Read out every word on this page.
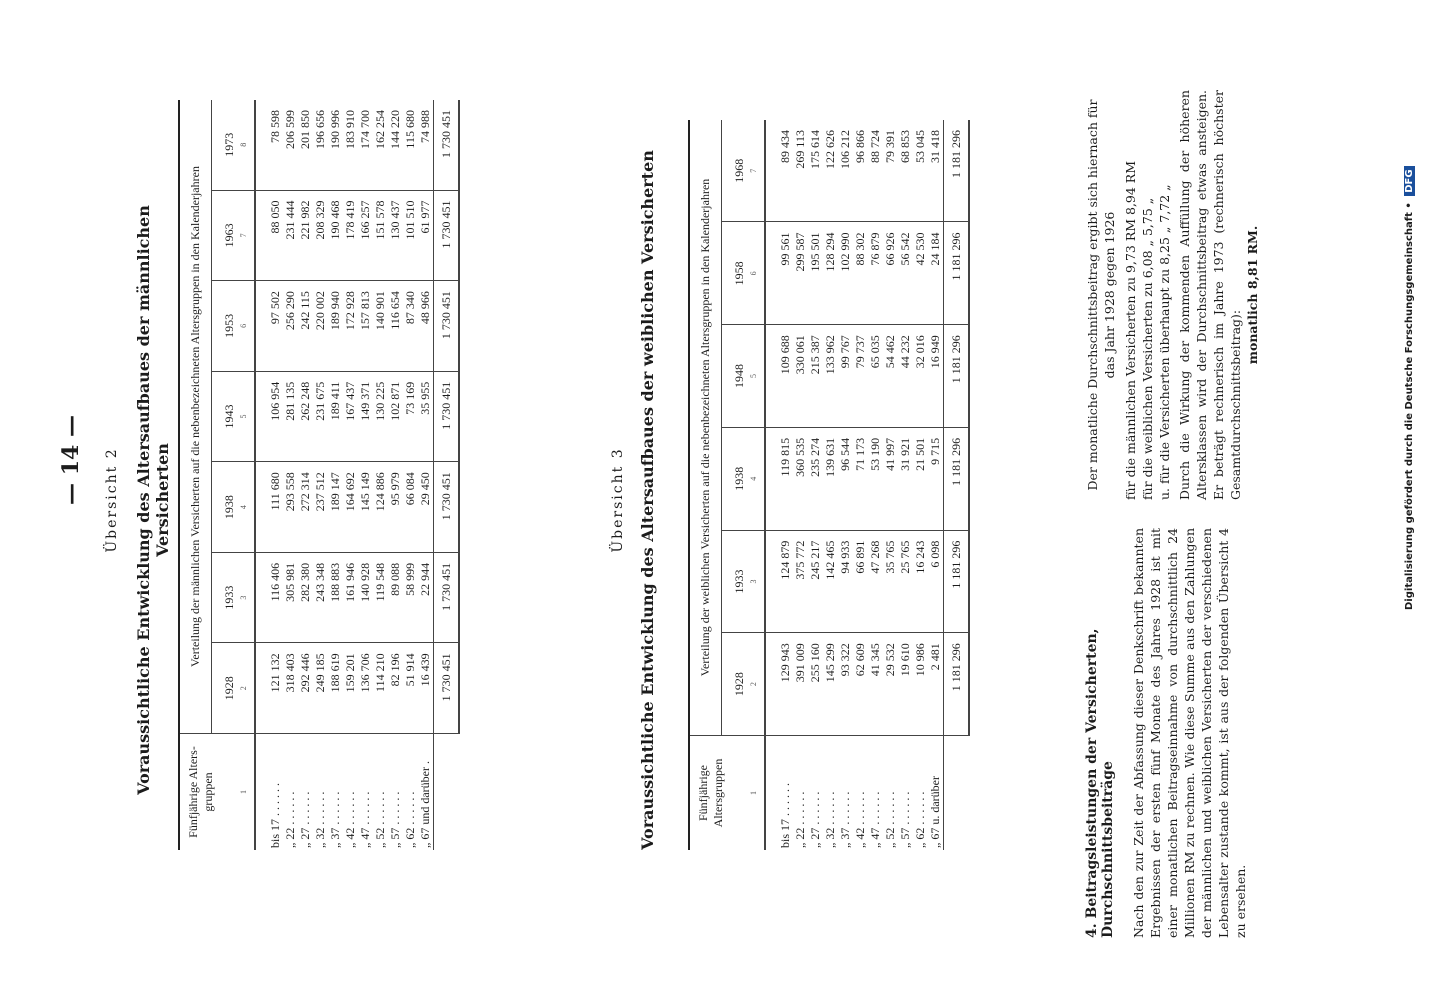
— 14 — Übersicht 2 Voraussichtliche Entwicklung des Altersaufbaues der männlichen Versicherten
Fünfjährige Alters-gruppen	Verteilung der männlichen Versicherten auf die nebenbezeichneten Altersgruppen in den Kalenderjahren						
	1928	1933	1938	1943	1953	1963	1973
1	2	3	4	5	6	7	8
bis 17 . . . . . .	121 132	116 406	111 680	106 954	97 502	88 050	78 598
„ 22 . . . . . .	318 403	305 981	293 558	281 135	256 290	231 444	206 599
„ 27 . . . . . .	292 446	282 380	272 314	262 248	242 115	221 982	201 850
„ 32 . . . . . .	249 185	243 348	237 512	231 675	220 002	208 329	196 656
„ 37 . . . . . .	188 619	188 883	189 147	189 411	189 940	190 468	190 996
„ 42 . . . . . .	159 201	161 946	164 692	167 437	172 928	178 419	183 910
„ 47 . . . . . .	136 706	140 928	145 149	149 371	157 813	166 257	174 700
„ 52 . . . . . .	114 210	119 548	124 886	130 225	140 901	151 578	162 254
„ 57 . . . . . .	82 196	89 088	95 979	102 871	116 654	130 437	144 220
„ 62 . . . . . .	51 914	58 999	66 084	73 169	87 340	101 510	115 680
„ 67 und darüber .	16 439	22 944	29 450	35 955	48 966	61 977	74 988
	1 730 451	1 730 451	1 730 451	1 730 451	1 730 451	1 730 451	1 730 451
Übersicht 3 Voraussichtliche Entwicklung des Altersaufbaues der weiblichen Versicherten	Fünfjährige Altersgruppen	Verteilung der weiblichen Versicherten auf die nebenbezeichneten Altersgruppen in den Kalenderjahren					
	1928	1933	1938	1948	1958	1968
1	2	3	4	5	6	7
bis 17 . . . . . .	129 943	124 879	119 815	109 688	99 561	89 434
„ 22 . . . . . .	391 009	375 772	360 535	330 061	299 587	269 113
„ 27 . . . . . .	255 160	245 217	235 274	215 387	195 501	175 614
„ 32 . . . . . .	145 299	142 465	139 631	133 962	128 294	122 626
„ 37 . . . . . .	93 322	94 933	96 544	99 767	102 990	106 212
„ 42 . . . . . .	62 609	66 891	71 173	79 737	88 302	96 866
„ 47 . . . . . .	41 345	47 268	53 190	65 035	76 879	88 724
„ 52 . . . . . .	29 532	35 765	41 997	54 462	66 926	79 391
„ 57 . . . . . .	19 610	25 765	31 921	44 232	56 542	68 853
„ 62 . . . . . .	10 986	16 243	21 501	32 016	42 530	53 045
„ 67 u. darüber	2 481	6 098	9 715	16 949	24 184	31 418
	1 181 296	1 181 296	1 181 296	1 181 296	1 181 296	1 181 296
4. Beitragsleistungen der Versicherten, Durchschnittsbeiträge Nach den zur Zeit der Abfassung dieser Denkschrift bekannten Ergebnissen der ersten fünf Monate des Jahres 1928 ist mit einer monatlichen Beitragseinnahme von durchschnittlich 24 Millionen RM zu rechnen. Wie diese Summe aus den Zahlungen der männlichen und weiblichen Versicherten der verschiedenen Lebensalter zustande kommt, ist aus der folgenden Übersicht 4 zu ersehen.
Der monatliche Durchschnittsbeitrag ergibt sich hiernach für das Jahr 1928 gegen 1926 für die männlichen Versicherten zu 9,73 RM 8,94 RM für die weiblichen Versicherten zu 6,08 „ 5,75 „ u. für die Versicherten überhaupt zu 8,25 „ 7,72 „ Durch die Wirkung der kommenden Auffüllung der höheren Altersklassen wird der Durchschnittsbeitrag etwas ansteigen. Er beträgt rechnerisch im Jahre 1973 (rechnerisch höchster Gesamtdurchschnittsbeitrag):
monatlich 8,81 RM.	Digitalisierung gefördert durch die Deutsche Forschungsgemeinschaft • DFG
